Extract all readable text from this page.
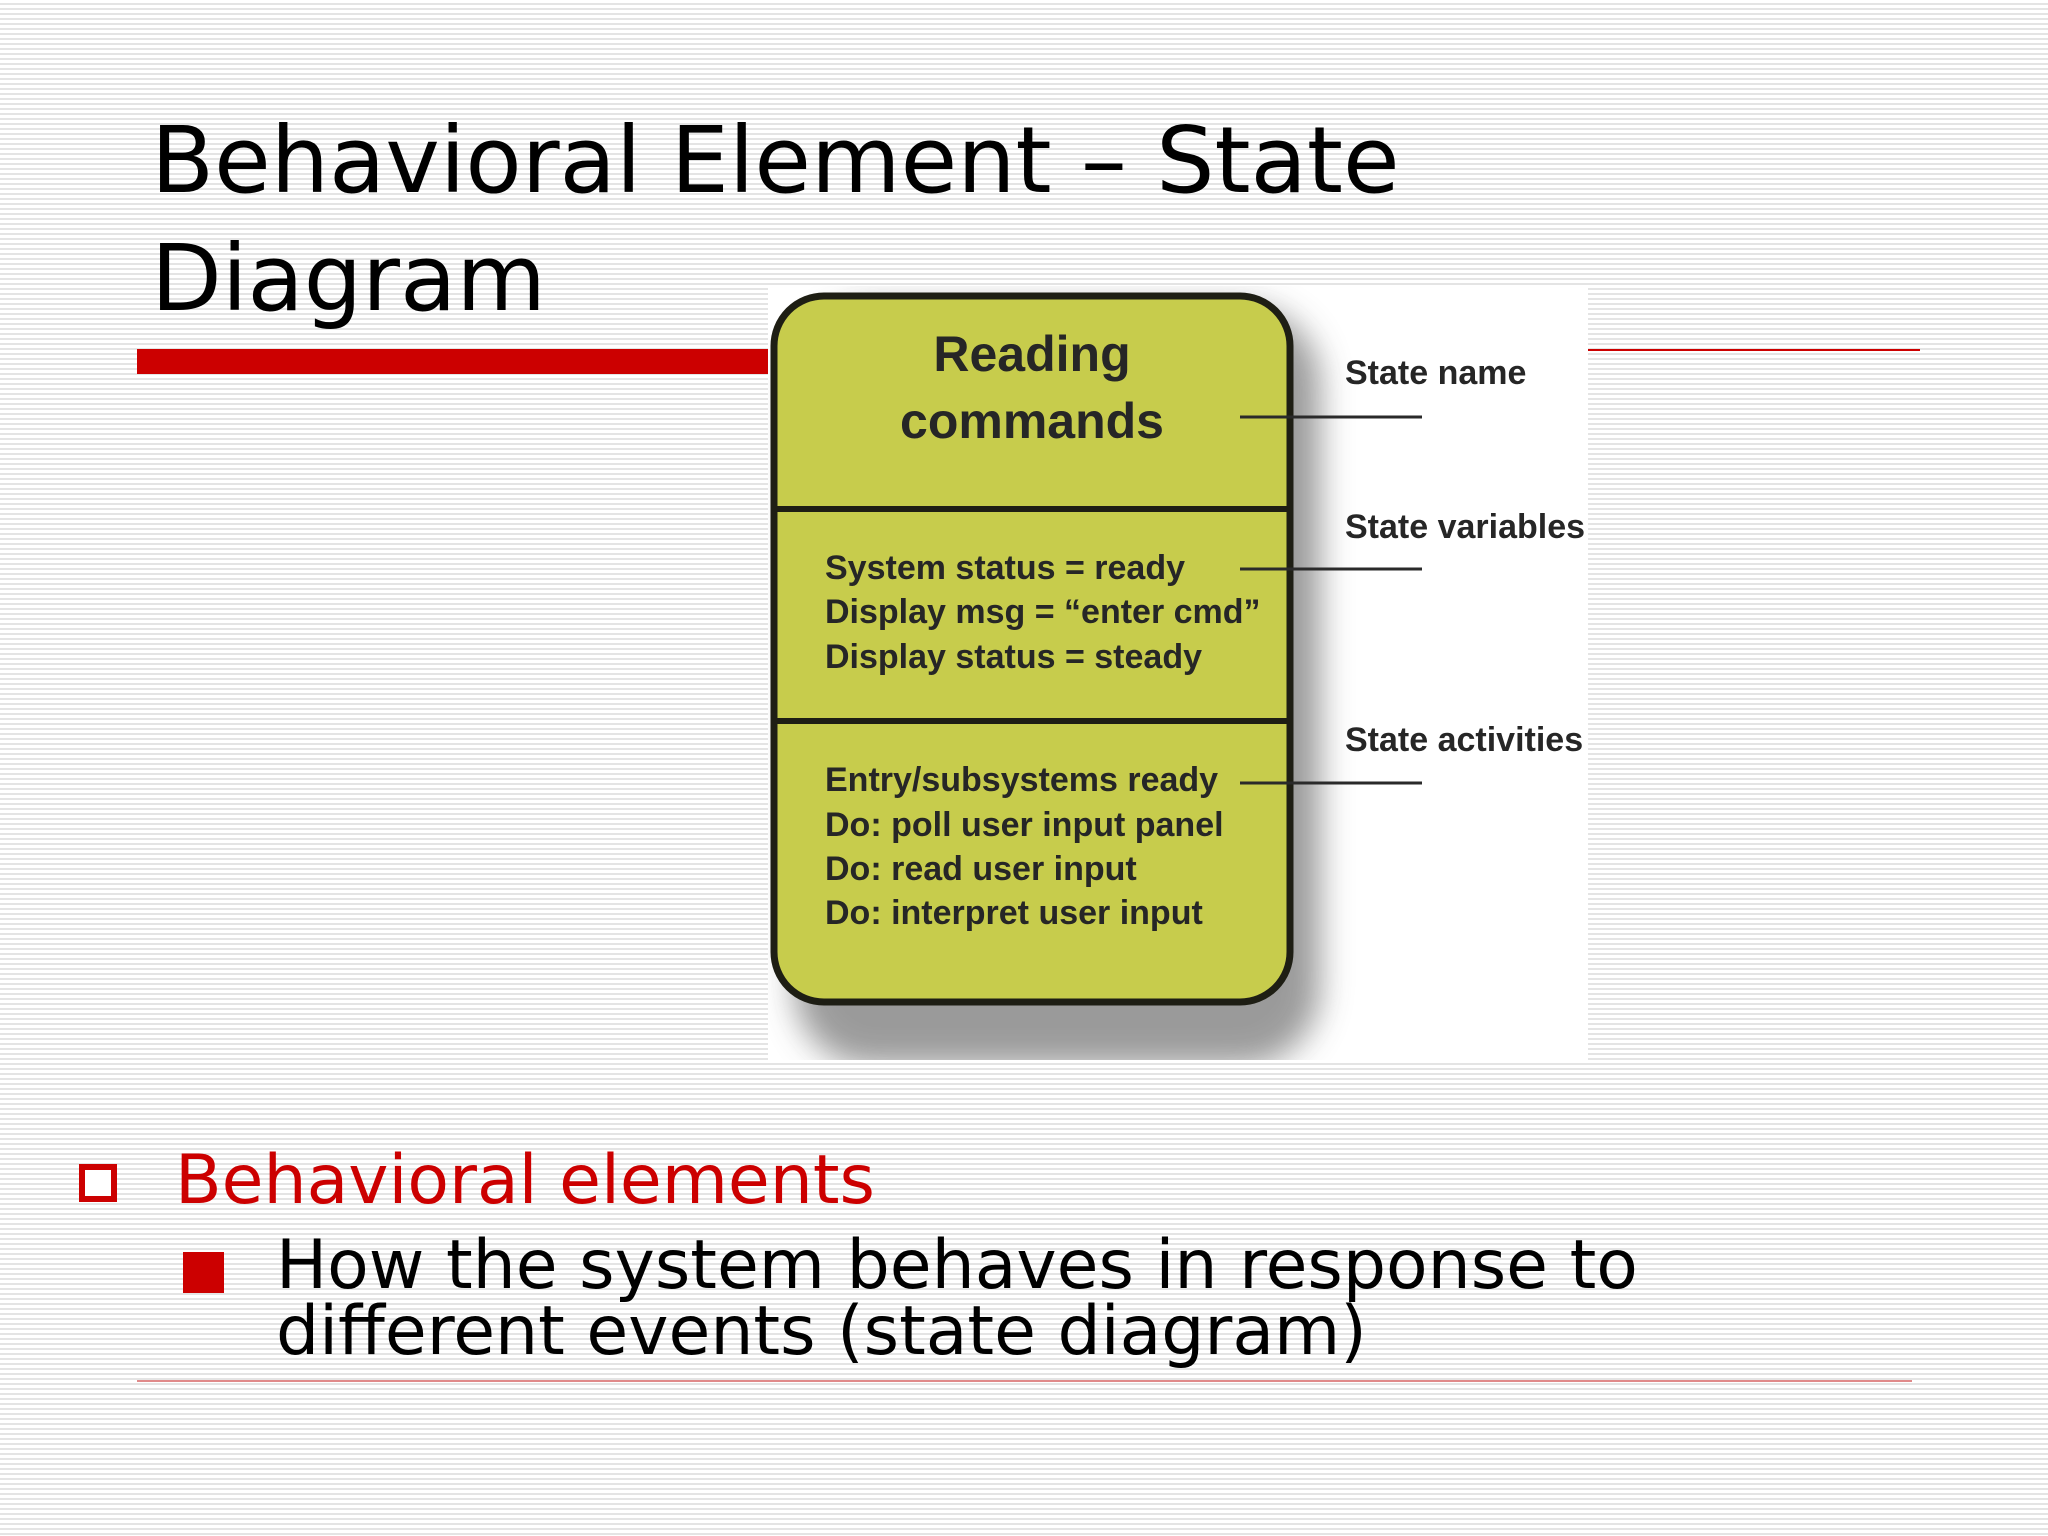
Behavioral Element – State
Diagram
Reading
commands
System status = ready
Display msg = “enter cmd”
Display status = steady
Entry/subsystems ready
Do: poll user input panel
Do: read user input
Do: interpret user input
State name
State variables
State activities
Behavioral elements
How the system behaves in response to different events (state diagram)
